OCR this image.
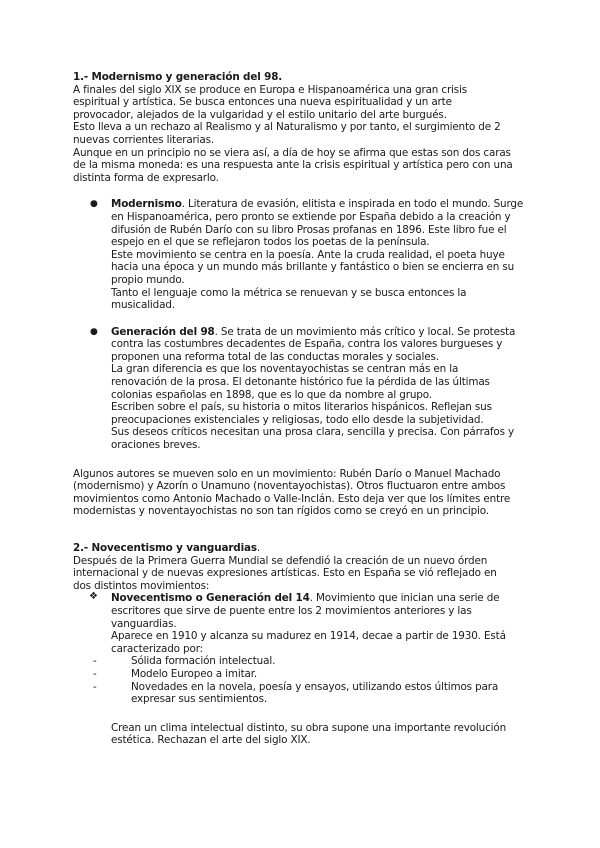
1.- Modernismo y generación del 98.

A finales del siglo XIX se produce en Europa e Hispanoamérica una gran crisis

espiritual y artística. Se busca entonces una nueva espiritualidad y un arte

provocador, alejados de la vulgaridad y el estilo unitario del arte burgués.

Esto lleva a un rechazo al Realismo y al Naturalismo y por tanto, el surgimiento de 2

nuevas corrientes literarias.

Aunque en un principio no se viera así, a día de hoy se afirma que estas son dos caras

de la misma moneda: es una respuesta ante la crisis espiritual y artística pero con una

distinta forma de expresarlo.

● Modernismo. Literatura de evasión, elitista e inspirada en todo el mundo. Surge

en Hispanoamérica, pero pronto se extiende por España debido a la creación y

difusión de Rubén Darío con su libro Prosas profanas en 1896. Este libro fue el

espejo en el que se reflejaron todos los poetas de la península.

Este movimiento se centra en la poesía. Ante la cruda realidad, el poeta huye

hacia una época y un mundo más brillante y fantástico o bien se encierra en su

propio mundo.

Tanto el lenguaje como la métrica se renuevan y se busca entonces la

musicalidad.

● Generación del 98. Se trata de un movimiento más crítico y local. Se protesta

contra las costumbres decadentes de España, contra los valores burgueses y

proponen una reforma total de las conductas morales y sociales.

La gran diferencia es que los noventayochistas se centran más en la

renovación de la prosa. El detonante histórico fue la pérdida de las últimas

colonias españolas en 1898, que es lo que da nombre al grupo.

Escriben sobre el país, su historia o mitos literarios hispánicos. Reflejan sus

preocupaciones existenciales y religiosas, todo ello desde la subjetividad.

Sus deseos críticos necesitan una prosa clara, sencilla y precisa. Con párrafos y

oraciones breves.

Algunos autores se mueven solo en un movimiento: Rubén Darío o Manuel Machado

(modernismo) y Azorín o Unamuno (noventayochistas). Otros fluctuaron entre ambos

movimientos como Antonio Machado o Valle-Inclán. Esto deja ver que los límites entre

modernistas y noventayochistas no son tan rígidos como se creyó en un principio.

2.- Novecentismo y vanguardias.

Después de la Primera Guerra Mundial se defendió la creación de un nuevo órden

internacional y de nuevas expresiones artísticas. Esto en España se vió reflejado en

dos distintos movimientos:

❖ Novecentismo o Generación del 14. Movimiento que inician una serie de

escritores que sirve de puente entre los 2 movimientos anteriores y las

vanguardias.

Aparece en 1910 y alcanza su madurez en 1914, decae a partir de 1930. Está

caracterizado por:

-	Sólida formación intelectual.

-	Modelo Europeo a imitar.

-	Novedades en la novela, poesía y ensayos, utilizando estos últimos para

expresar sus sentimientos.

Crean un clima intelectual distinto, su obra supone una importante revolución

estética. Rechazan el arte del siglo XIX.
